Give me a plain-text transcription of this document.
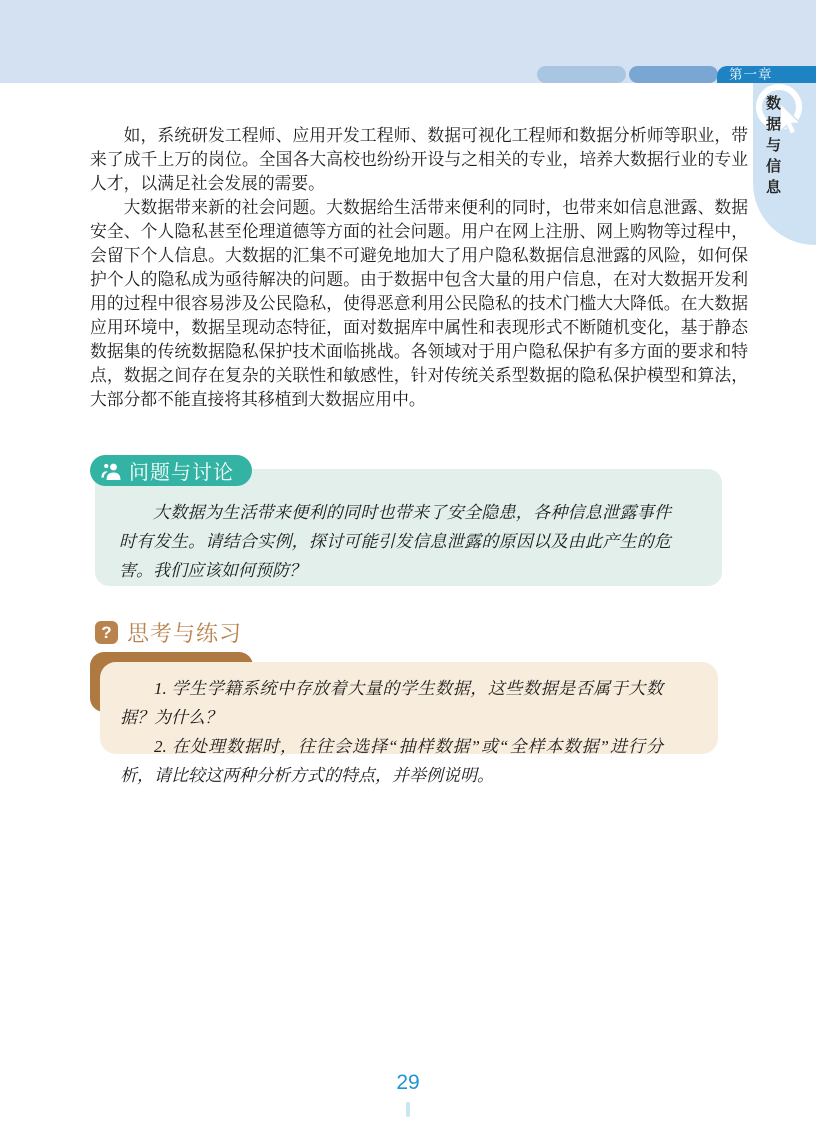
第一章
数据与信息

如，系统研发工程师、应用开发工程师、数据可视化工程师和数据分析师等职业，带来了成千上万的岗位。全国各大高校也纷纷开设与之相关的专业，培养大数据行业的专业人才，以满足社会发展的需要。

大数据带来新的社会问题。大数据给生活带来便利的同时，也带来如信息泄露、数据安全、个人隐私甚至伦理道德等方面的社会问题。用户在网上注册、网上购物等过程中，会留下个人信息。大数据的汇集不可避免地加大了用户隐私数据信息泄露的风险，如何保护个人的隐私成为亟待解决的问题。由于数据中包含大量的用户信息，在对大数据开发利用的过程中很容易涉及公民隐私，使得恶意利用公民隐私的技术门槛大大降低。在大数据应用环境中，数据呈现动态特征，面对数据库中属性和表现形式不断随机变化，基于静态数据集的传统数据隐私保护技术面临挑战。各领域对于用户隐私保护有多方面的要求和特点，数据之间存在复杂的关联性和敏感性，针对传统关系型数据的隐私保护模型和算法，大部分都不能直接将其移植到大数据应用中。

问题与讨论
大数据为生活带来便利的同时也带来了安全隐患，各种信息泄露事件时有发生。请结合实例，探讨可能引发信息泄露的原因以及由此产生的危害。我们应该如何预防？
? 思考与练习

1. 学生学籍系统中存放着大量的学生数据，这些数据是否属于大数据？为什么？

2. 在处理数据时，往往会选择“抽样数据”或“全样本数据”进行分析，请比较这两种分析方式的特点，并举例说明。

29
